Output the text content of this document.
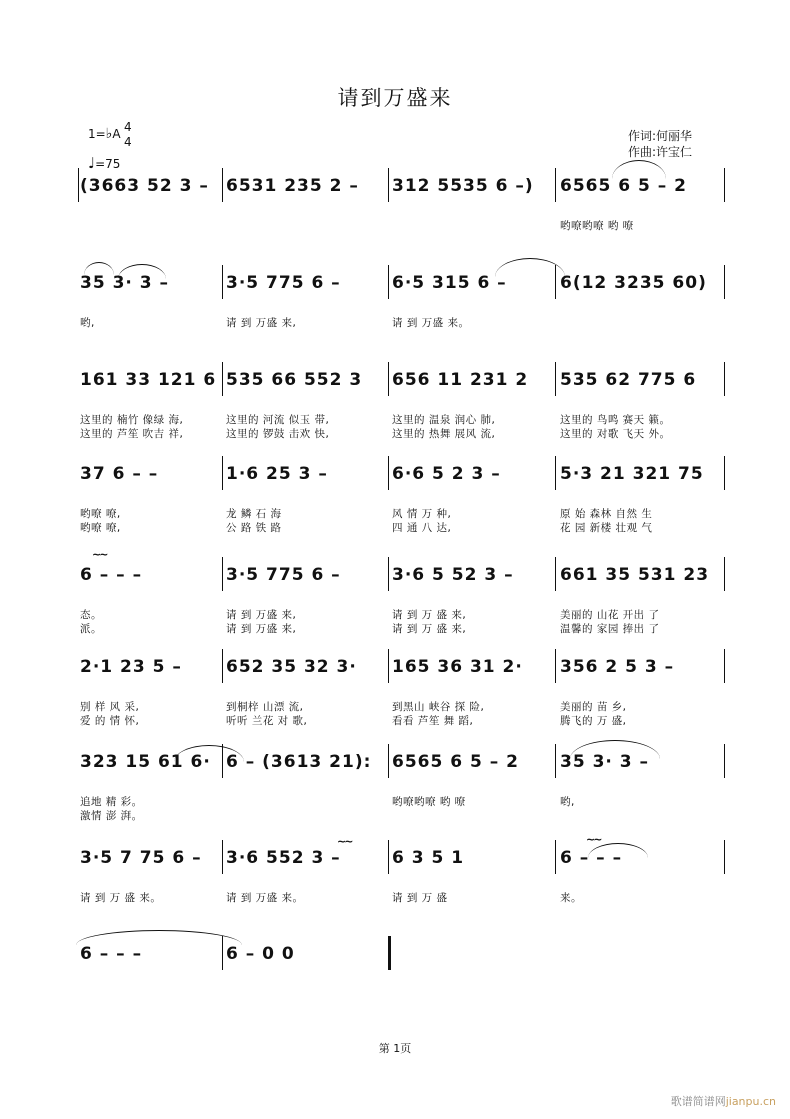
请到万盛来
1=♭A 4
4
♩=75
作词:何丽华
作曲:许宝仁
(3663 52 3 – 6531 235 2 – 312 5535 6 –) 6565 6 5 – 2
哟嘹哟嘹 哟 嘹
35 3· 3 –
哟,
3·5 775 6 –
请 到 万盛 来,
6·5 315 6 –
请 到 万盛 来。
6(12 3235 60)
161 33 121 6
这里的 楠竹 像绿 海,
这里的 芦笙 吹吉 祥,
535 66 552 3
这里的 河流 似玉 带,
这里的 锣鼓 击欢 快,
656 11 231 2
这里的 温泉 润心 肺,
这里的 热舞 展风 流,
535 62 775 6
这里的 鸟鸣 赛天 籁。
这里的 对歌 飞天 外。
37 6 – –
哟嘹 嘹,
哟嘹 嘹,
1·6 25 3 –
龙 鳞 石 海
公 路 铁 路
6·6 5 2 3 –
风 情 万 种,
四 通 八 达,
5·3 21 321 75
原 始 森林 自然 生
花 园 新楼 壮观 气
6 – – –
态。
派。
3·5 775 6 –
请 到 万盛 来,
请 到 万盛 来,
3·6 5 52 3 –
请 到 万 盛 来,
请 到 万 盛 来,
661 35 531 23
美丽的 山花 开出 了
温馨的 家园 捧出 了
2·1 23 5 –
别 样 风 采,
爱 的 情 怀,
652 35 32 3·
到桐梓 山漂 流,
听听 兰花 对 歌,
165 36 31 2·
到黑山 峡谷 探 险,
看看 芦笙 舞 蹈,
356 2 5 3 –
美丽的 苗 乡,
腾飞的 万 盛,
323 15 61 6·
追地 精 彩。
激情 澎 湃。
6 – (3613 21): 6565 6 5 – 2
哟嘹哟嘹 哟 嘹
35 3· 3 –
哟,
3·5 7 75 6 –
请 到 万 盛 来。
3·6 552 3 –
请 到 万盛 来。
6 3 5 1
请 到 万 盛
6 – – –
来。
6 – – –	6 – 0 0
∼∼
∼∼	∼∼
第 1页
歌谱简谱网jianpu.cn
